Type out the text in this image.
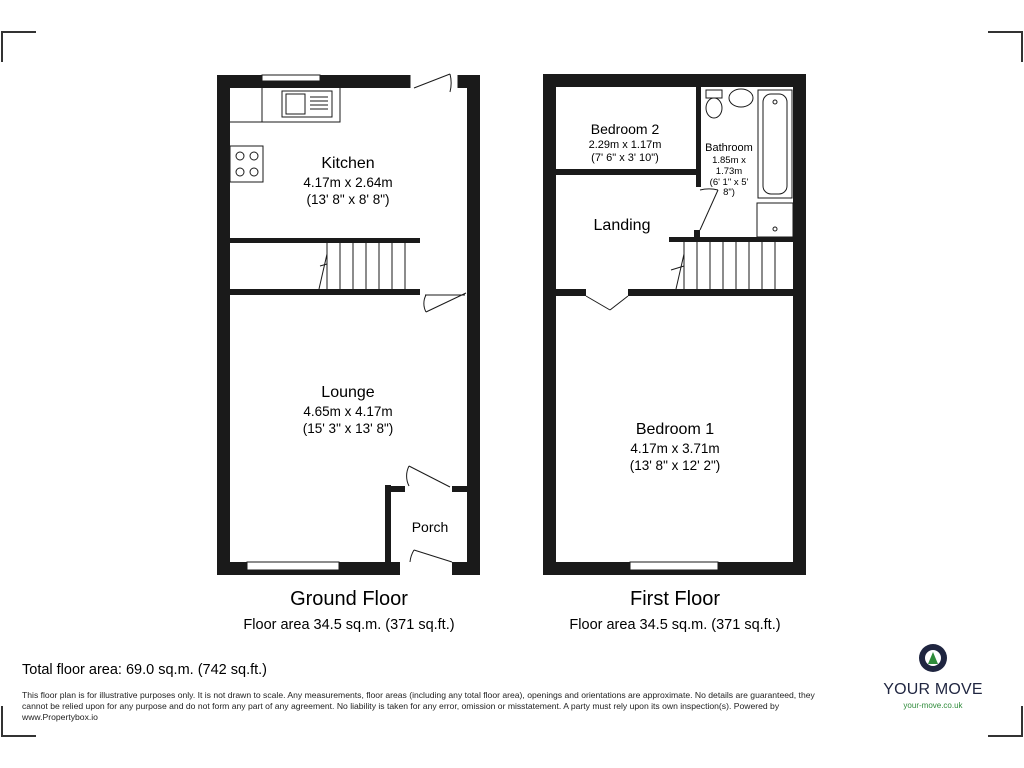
Kitchen
4.17m x 2.64m
(13' 8" x 8' 8")
Lounge
4.65m x 4.17m
(15' 3" x 13' 8")
Porch
Bedroom 2
2.29m x 1.17m
(7' 6" x 3' 10")
Bathroom
1.85m x
1.73m
(6' 1" x 5'
8")
Landing
Bedroom 1
4.17m x 3.71m
(13' 8" x 12' 2")
Ground Floor
Floor area 34.5 sq.m. (371 sq.ft.)
First Floor
Floor area 34.5 sq.m. (371 sq.ft.)
Total floor area: 69.0 sq.m. (742 sq.ft.)
This floor plan is for illustrative purposes only. It is not drawn to scale. Any measurements, floor areas (including any total floor area), openings and orientations are approximate. No details are guaranteed, they cannot be relied upon for any purpose and do not form any part of any agreement. No liability is taken for any error, omission or misstatement. A party must rely upon its own inspection(s). Powered by www.Propertybox.io
YOUR MOVE
your-move.co.uk
